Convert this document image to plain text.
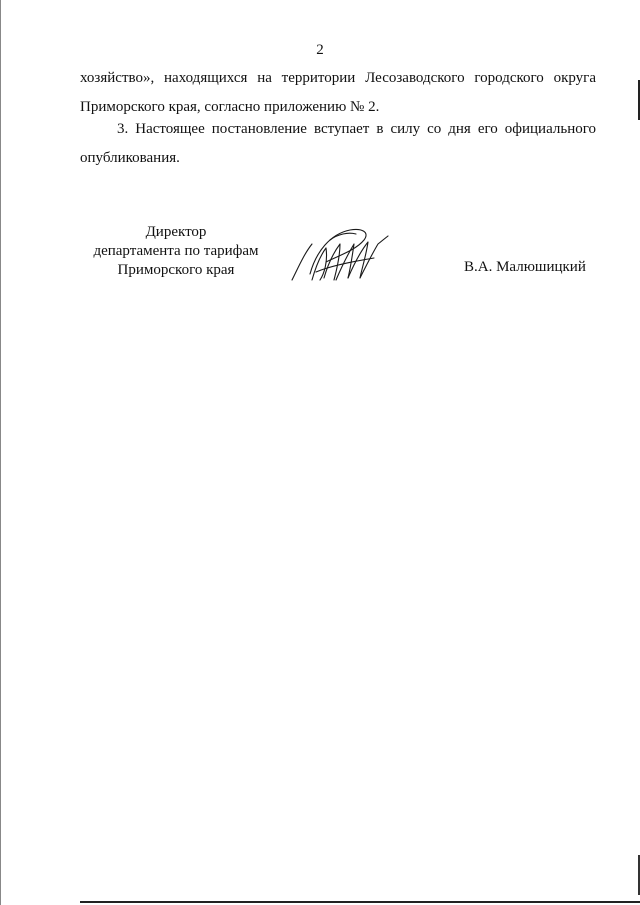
2

хозяйство», находящихся на территории Лесозаводского городского округа Приморского края, согласно приложению № 2.

3. Настоящее постановление вступает в силу со дня его официального опубликования.

Директор
департамента по тарифам
Приморского края	В.А. Малюшицкий
